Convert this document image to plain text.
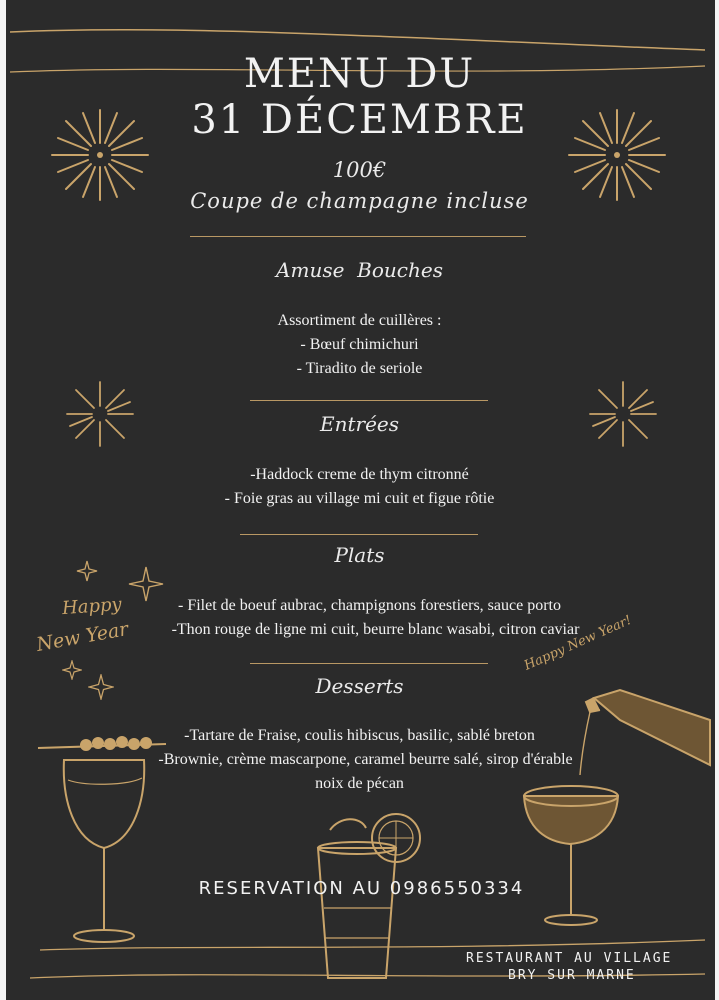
MENU DU
31 DÉCEMBRE
100€
Coupe de champagne incluse
Amuse  Bouches
Assortiment de cuillères :
- Bœuf chimichuri
- Tiradito de seriole
Entrées
-Haddock creme de thym citronné
- Foie gras au village mi cuit et figue rôtie
Plats
- Filet de boeuf aubrac, champignons forestiers, sauce porto
-Thon rouge de ligne mi cuit, beurre blanc wasabi, citron caviar
Desserts
-Tartare de Fraise, coulis hibiscus, basilic, sablé breton
-Brownie, crème mascarpone, caramel beurre salé, sirop d'érable
noix de pécan
Happy
New Year	Happy New Year!
RESERVATION AU 0986550334
RESTAURANT AU VILLAGE
BRY SUR MARNE
